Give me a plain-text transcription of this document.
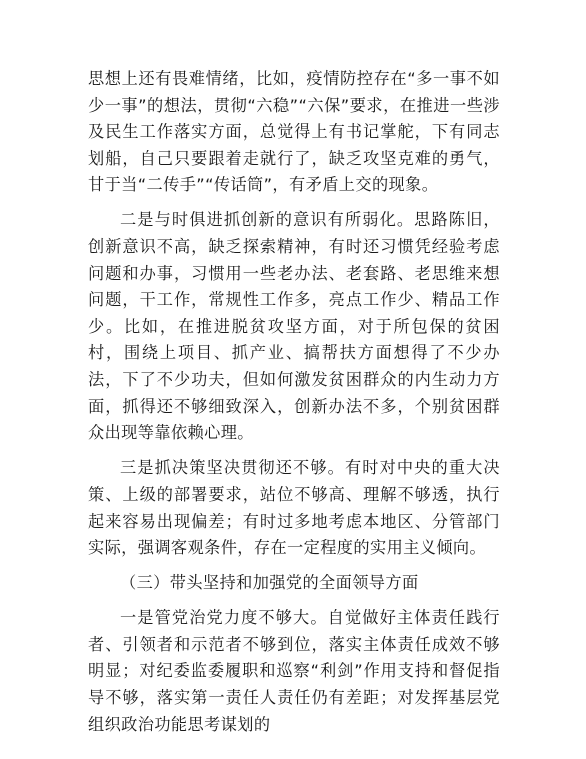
思想上还有畏难情绪，比如，疫情防控存在“多一事不如少一事”的想法，贯彻“六稳”“六保”要求，在推进一些涉及民生工作落实方面，总觉得上有书记掌舵，下有同志划船，自己只要跟着走就行了，缺乏攻坚克难的勇气，甘于当“二传手”“传话筒”，有矛盾上交的现象。

二是与时俱进抓创新的意识有所弱化。思路陈旧，创新意识不高，缺乏探索精神，有时还习惯凭经验考虑问题和办事，习惯用一些老办法、老套路、老思维来想问题，干工作，常规性工作多，亮点工作少、精品工作少。比如，在推进脱贫攻坚方面，对于所包保的贫困村，围绕上项目、抓产业、搞帮扶方面想得了不少办法，下了不少功夫，但如何激发贫困群众的内生动力方面，抓得还不够细致深入，创新办法不多，个别贫困群众出现等靠依赖心理。

三是抓决策坚决贯彻还不够。有时对中央的重大决策、上级的部署要求，站位不够高、理解不够透，执行起来容易出现偏差；有时过多地考虑本地区、分管部门实际，强调客观条件，存在一定程度的实用主义倾向。

（三）带头坚持和加强党的全面领导方面

一是管党治党力度不够大。自觉做好主体责任践行者、引领者和示范者不够到位，落实主体责任成效不够明显；对纪委监委履职和巡察“利剑”作用支持和督促指导不够，落实第一责任人责任仍有差距；对发挥基层党组织政治功能思考谋划的
